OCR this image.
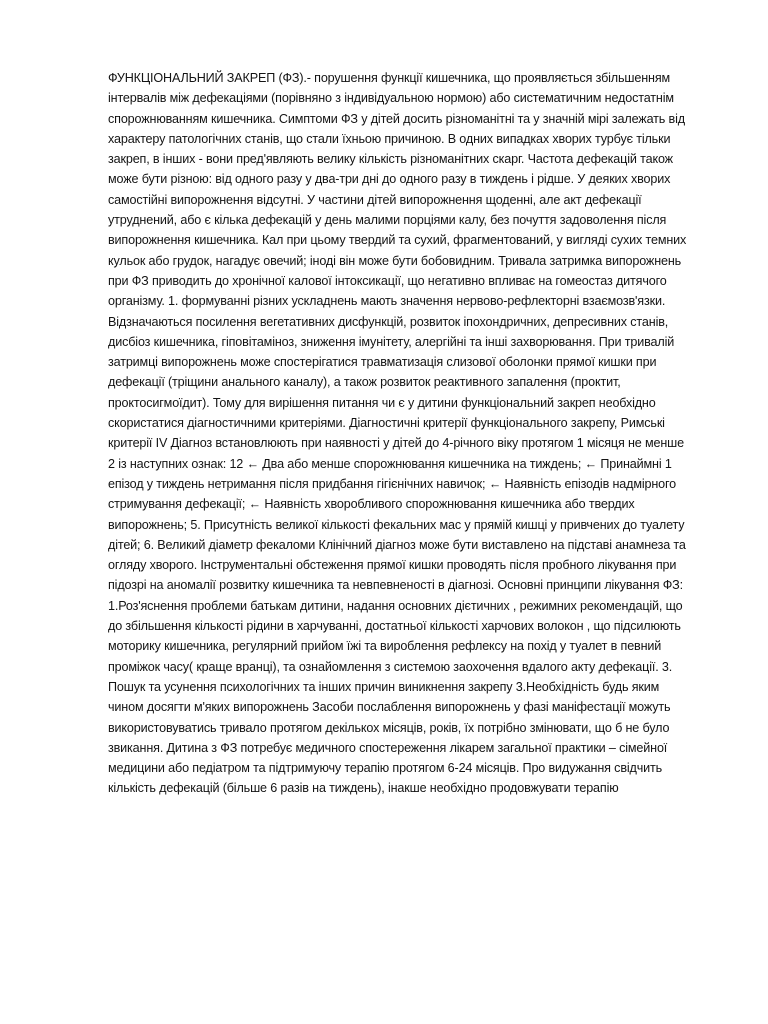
ФУНКЦІОНАЛЬНИЙ ЗАКРЕП (ФЗ).- порушення функції кишечника, що проявляється збільшенням інтервалів між дефекаціями (порівняно з індивідуальною нормою) або систематичним недостатнім спорожнюванням кишечника. Симптоми ФЗ у дітей досить різноманітні та у значній мірі залежать від характеру патологічних станів, що стали їхньою причиною. В одних випадках хворих турбує тільки закреп, в інших - вони пред'являють велику кількість різноманітних скарг. Частота дефекацій також може бути різною: від одного разу у два-три дні до одного разу в тиждень і рідше. У деяких хворих самостійні випорожнення відсутні. У частини дітей випорожнення щоденні, але акт дефекації утруднений, або є кілька дефекацій у день малими порціями калу, без почуття задоволення після випорожнення кишечника. Кал при цьому твердий та сухий, фрагментований, у вигляді сухих темних кульок або грудок, нагадує овечий; іноді він може бути бобовидним. Тривала затримка випорожнень при ФЗ приводить до хронічної калової інтоксикації, що негативно впливає на гомеостаз дитячого організму. 1. формуванні різних ускладнень мають значення нервово-рефлекторні взаємозв'язки. Відзначаються посилення вегетативних дисфункцій, розвиток іпохондричних, депресивних станів, дисбіоз кишечника, гіповітаміноз, зниження імунітету, алергійні та інші захворювання. При тривалій затримці випорожнень може спостерігатися травматизація слизової оболонки прямої кишки при дефекації (тріщини анального каналу), а також розвиток реактивного запалення (проктит, проктосигмоїдит). Тому для вирішення питання чи є у дитини функціональний закреп необхідно скористатися діагностичними критеріями. Діагностичні критерії функціонального закрепу, Римські критерії IV Діагноз встановлюють при наявності у дітей до 4-річного віку протягом 1 місяця не менше 2 із наступних ознак: 12 ← Два або менше спорожнювання кишечника на тиждень; ← Принаймні 1 епізод у тиждень нетримання після придбання гігієнічних навичок; ← Наявність епізодів надмірного стримування дефекації; ← Наявність хворобливого спорожнювання кишечника або твердих випорожнень; 5. Присутність великої кількості фекальних мас у прямій кишці у привчених до туалету дітей; 6. Великий діаметр фекаломи Клінічний діагноз може бути виставлено на підставі анамнеза та огляду хворого. Інструментальні обстеження прямої кишки проводять після пробного лікування при підозрі на аномалії розвитку кишечника та невпевненості в діагнозі. Основні принципи лікування ФЗ: 1.Роз'яснення проблеми батькам дитини, надання основних дієтичних , режимних рекомендацій, що до збільшення кількості рідини в харчуванні, достатньої кількості харчових волокон , що підсилюють моторику кишечника, регулярний прийом їжі та вироблення рефлексу на похід у туалет в певний проміжок часу( краще вранці), та ознайомлення з системою заохочення вдалого акту дефекації. 3. Пошук та усунення психологічних та інших причин виникнення закрепу 3.Необхідність будь яким чином досягти м'яких випорожнень Засоби послаблення випорожнень у фазі маніфестації можуть використовуватись тривало протягом декількох місяців, років, їх потрібно змінювати, що б не було звикання. Дитина з ФЗ потребує медичного спостереження лікарем загальної практики – сімейної медицини або педіатром та підтримуючу терапію протягом 6-24 місяців. Про видужання свідчить кількість дефекацій (більше 6 разів на тиждень), інакше необхідно продовжувати терапію
